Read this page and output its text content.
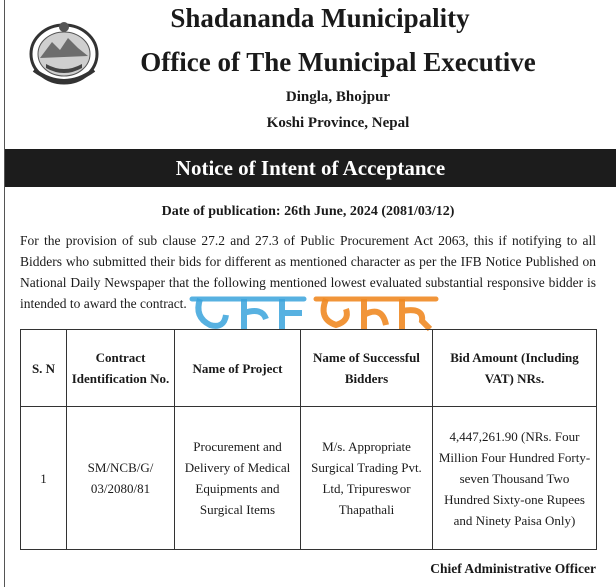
Shadananda Municipality
Office of The Municipal Executive
Dingla, Bhojpur
Koshi Province, Nepal
Notice of Intent of Acceptance
Date of publication: 26th June, 2024 (2081/03/12)
For the provision of sub clause 27.2 and 27.3 of Public Procurement Act 2063, this if notifying to all Bidders who submitted their bids for different as mentioned character as per the IFB Notice Published on National Daily Newspaper that the following mentioned lowest evaluated substantial responsive bidder is intended to award the contract.
S. N	Contract Identification No.	Name of Project	Name of Successful Bidders	Bid Amount (Including VAT) NRs.
1	SM/NCB/G/ 03/2080/81	Procurement and Delivery of Medical Equipments and Surgical Items	M/s. Appropriate Surgical Trading Pvt. Ltd, Tripureswor Thapathali	4,447,261.90 (NRs. Four Million Four Hundred Forty-seven Thousand Two Hundred Sixty-one Rupees and Ninety Paisa Only)
Chief Administrative Officer
